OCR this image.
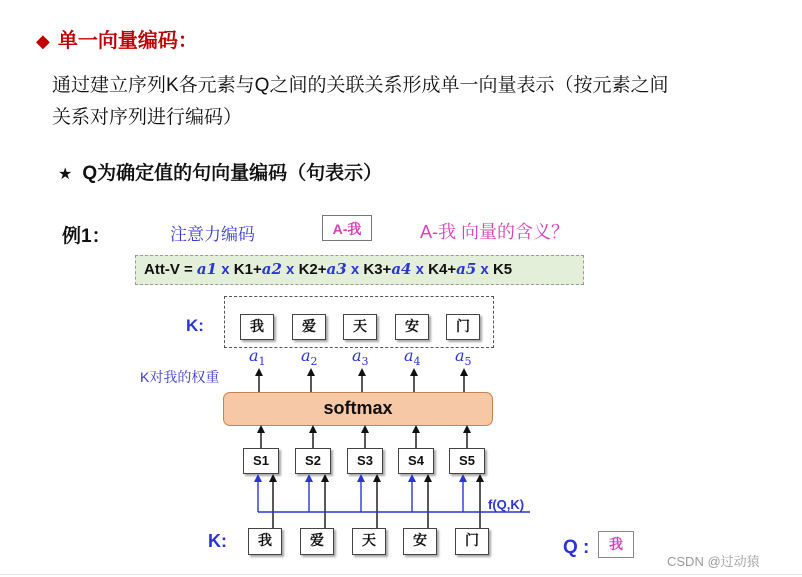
◆ 单一向量编码：
通过建立序列K各元素与Q之间的关联关系形成单一向量表示（按元素之间
关系对序列进行编码）
★ Q为确定值的句向量编码（句表示）
例1：	注意力编码	A-我	A-我 向量的含义？
Att-V = a1 x K1+a2 x K2+a3 x K3+a4 x K4+a5 x K5
K:	我	爱	天	安	门
$a_1$ $a_2$ $a_3$ $a_4$ $a_5$
K对我的权重
softmax
S1	S2	S3	S4	S5
f(Q,K)
K:	我	爱	天	安	门	Q :	我
CSDN @过动猿
